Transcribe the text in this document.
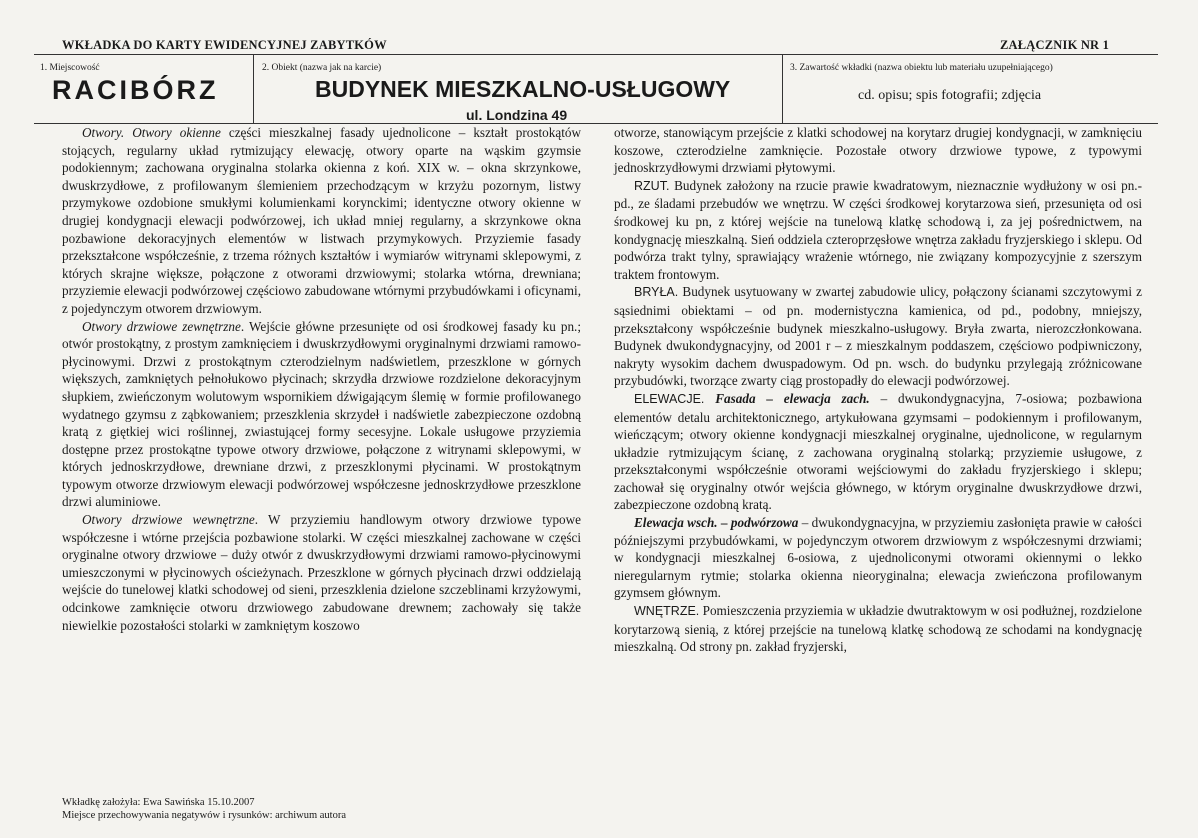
WKŁADKA DO KARTY EWIDENCYJNEJ ZABYTKÓW	ZAŁĄCZNIK NR 1
1. Miejscowość
RACIBÓRZ
2. Obiekt (nazwa jak na karcie)
BUDYNEK MIESZKALNO-USŁUGOWY
ul. Londzina 49
3. Zawartość wkładki (nazwa obiektu lub materiału uzupełniającego)
cd. opisu; spis fotografii; zdjęcia

Otwory. Otwory okienne części mieszkalnej fasady ujednolicone – kształt prostokątów stojących, regularny układ rytmizujący elewację, otwory oparte na wąskim gzymsie podokiennym; zachowana oryginalna stolarka okienna z koń. XIX w. – okna skrzynkowe, dwuskrzydłowe, z profilowanym ślemieniem przechodzącym w krzyżu pozornym, listwy przymykowe ozdobione smukłymi kolumienkami korynckimi; identyczne otwory okienne w drugiej kondygnacji elewacji podwórzowej, ich układ mniej regularny, a skrzynkowe okna pozbawione dekoracyjnych elementów w listwach przymykowych. Przyziemie fasady przekształcone współcześnie, z trzema różnych kształtów i wymiarów witrynami sklepowymi, z których skrajne większe, połączone z otworami drzwiowymi; stolarka wtórna, drewniana; przyziemie elewacji podwórzowej częściowo zabudowane wtórnymi przybudówkami i oficynami, z pojedynczym otworem drzwiowym.

Otwory drzwiowe zewnętrzne. Wejście główne przesunięte od osi środkowej fasady ku pn.; otwór prostokątny, z prostym zamknięciem i dwuskrzydłowymi oryginalnymi drzwiami ramowo-płycinowymi. Drzwi z prostokątnym czterodzielnym nadświetlem, przeszklone w górnych większych, zamkniętych pełnołukowo płycinach; skrzydła drzwiowe rozdzielone dekoracyjnym słupkiem, zwieńczonym wolutowym wspornikiem dźwigającym ślemię w formie profilowanego wydatnego gzymsu z ząbkowaniem; przeszklenia skrzydeł i nadświetle zabezpieczone ozdobną kratą z giętkiej wici roślinnej, zwiastującej formy secesyjne. Lokale usługowe przyziemia dostępne przez prostokątne typowe otwory drzwiowe, połączone z witrynami sklepowymi, w których jednoskrzydłowe, drewniane drzwi, z przeszklonymi płycinami. W prostokątnym typowym otworze drzwiowym elewacji podwórzowej współczesne jednoskrzydłowe przeszklone drzwi aluminiowe.

Otwory drzwiowe wewnętrzne. W przyziemiu handlowym otwory drzwiowe typowe współczesne i wtórne przejścia pozbawione stolarki. W części mieszkalnej zachowane w części oryginalne otwory drzwiowe – duży otwór z dwuskrzydłowymi drzwiami ramowo-płycinowymi umieszczonymi w płycinowych ościeżynach. Przeszklone w górnych płycinach drzwi oddzielają wejście do tunelowej klatki schodowej od sieni, przeszklenia dzielone szczeblinami krzyżowymi, odcinkowe zamknięcie otworu drzwiowego zabudowane drewnem; zachowały się także niewielkie pozostałości stolarki w zamkniętym koszowo

otworze, stanowiącym przejście z klatki schodowej na korytarz drugiej kondygnacji, w zamknięciu koszowe, czterodzielne zamknięcie. Pozostałe otwory drzwiowe typowe, z typowymi jednoskrzydłowymi drzwiami płytowymi.

RZUT. Budynek założony na rzucie prawie kwadratowym, nieznacznie wydłużony w osi pn.-pd., ze śladami przebudów we wnętrzu. W części środkowej korytarzowa sień, przesunięta od osi środkowej ku pn, z której wejście na tunelową klatkę schodową i, za jej pośrednictwem, na kondygnację mieszkalną. Sień oddziela czteroprzęsłowe wnętrza zakładu fryzjerskiego i sklepu. Od podwórza trakt tylny, sprawiający wrażenie wtórnego, nie związany kompozycyjnie z szerszym traktem frontowym.

BRYŁA. Budynek usytuowany w zwartej zabudowie ulicy, połączony ścianami szczytowymi z sąsiednimi obiektami – od pn. modernistyczna kamienica, od pd., podobny, mniejszy, przekształcony współcześnie budynek mieszkalno-usługowy. Bryła zwarta, nierozczłonkowana. Budynek dwukondygnacyjny, od 2001 r – z mieszkalnym poddaszem, częściowo podpiwniczony, nakryty wysokim dachem dwuspadowym. Od pn. wsch. do budynku przylegają zróżnicowane przybudówki, tworzące zwarty ciąg prostopadły do elewacji podwórzowej.

ELEWACJE. Fasada – elewacja zach. – dwukondygnacyjna, 7-osiowa; pozbawiona elementów detalu architektonicznego, artykułowana gzymsami – podokiennym i profilowanym, wieńczącym; otwory okienne kondygnacji mieszkalnej oryginalne, ujednolicone, w regularnym układzie rytmizującym ścianę, z zachowana oryginalną stolarką; przyziemie usługowe, z przekształconymi współcześnie otworami wejściowymi do zakładu fryzjerskiego i sklepu; zachował się oryginalny otwór wejścia głównego, w którym oryginalne dwuskrzydłowe drzwi, zabezpieczone ozdobną kratą.

Elewacja wsch. – podwórzowa – dwukondygnacyjna, w przyziemiu zasłonięta prawie w całości późniejszymi przybudówkami, w pojedynczym otworem drzwiowym z współczesnymi drzwiami; w kondygnacji mieszkalnej 6-osiowa, z ujednoliconymi otworami okiennymi o lekko nieregularnym rytmie; stolarka okienna nieoryginalna; elewacja zwieńczona profilowanym gzymsem głównym.

WNĘTRZE. Pomieszczenia przyziemia w układzie dwutraktowym w osi podłużnej, rozdzielone korytarzową sienią, z której przejście na tunelową klatkę schodową ze schodami na kondygnację mieszkalną. Od strony pn. zakład fryzjerski,

Wkładkę założyła: Ewa Sawińska 15.10.2007
Miejsce przechowywania negatywów i rysunków: archiwum autora
